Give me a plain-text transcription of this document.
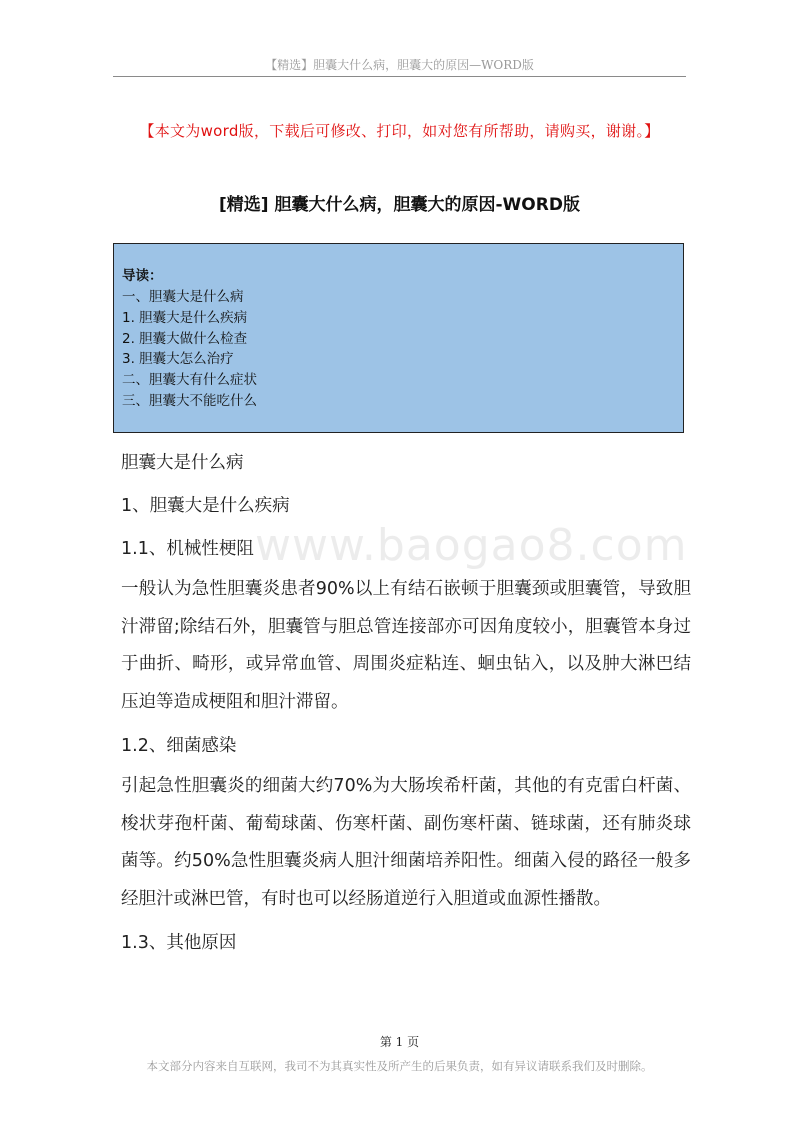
【精选】胆囊大什么病，胆囊大的原因—WORD版
【本文为word版，下载后可修改、打印，如对您有所帮助，请购买，谢谢。】
[精选] 胆囊大什么病，胆囊大的原因-WORD版
导读：
一、胆囊大是什么病
1. 胆囊大是什么疾病
2. 胆囊大做什么检查
3. 胆囊大怎么治疗
二、胆囊大有什么症状
三、胆囊大不能吃什么

胆囊大是什么病

1、胆囊大是什么疾病

1.1、机械性梗阻

一般认为急性胆囊炎患者90%以上有结石嵌顿于胆囊颈或胆囊管，导致胆汁滞留;除结石外，胆囊管与胆总管连接部亦可因角度较小，胆囊管本身过于曲折、畸形，或异常血管、周围炎症粘连、蛔虫钻入，以及肿大淋巴结压迫等造成梗阻和胆汁滞留。

1.2、细菌感染

引起急性胆囊炎的细菌大约70%为大肠埃希杆菌，其他的有克雷白杆菌、梭状芽孢杆菌、葡萄球菌、伤寒杆菌、副伤寒杆菌、链球菌，还有肺炎球菌等。约50%急性胆囊炎病人胆汁细菌培养阳性。细菌入侵的路径一般多经胆汁或淋巴管，有时也可以经肠道逆行入胆道或血源性播散。

1.3、其他原因

www.baogao8.com
第 1 页
本文部分内容来自互联网，我司不为其真实性及所产生的后果负责，如有异议请联系我们及时删除。
